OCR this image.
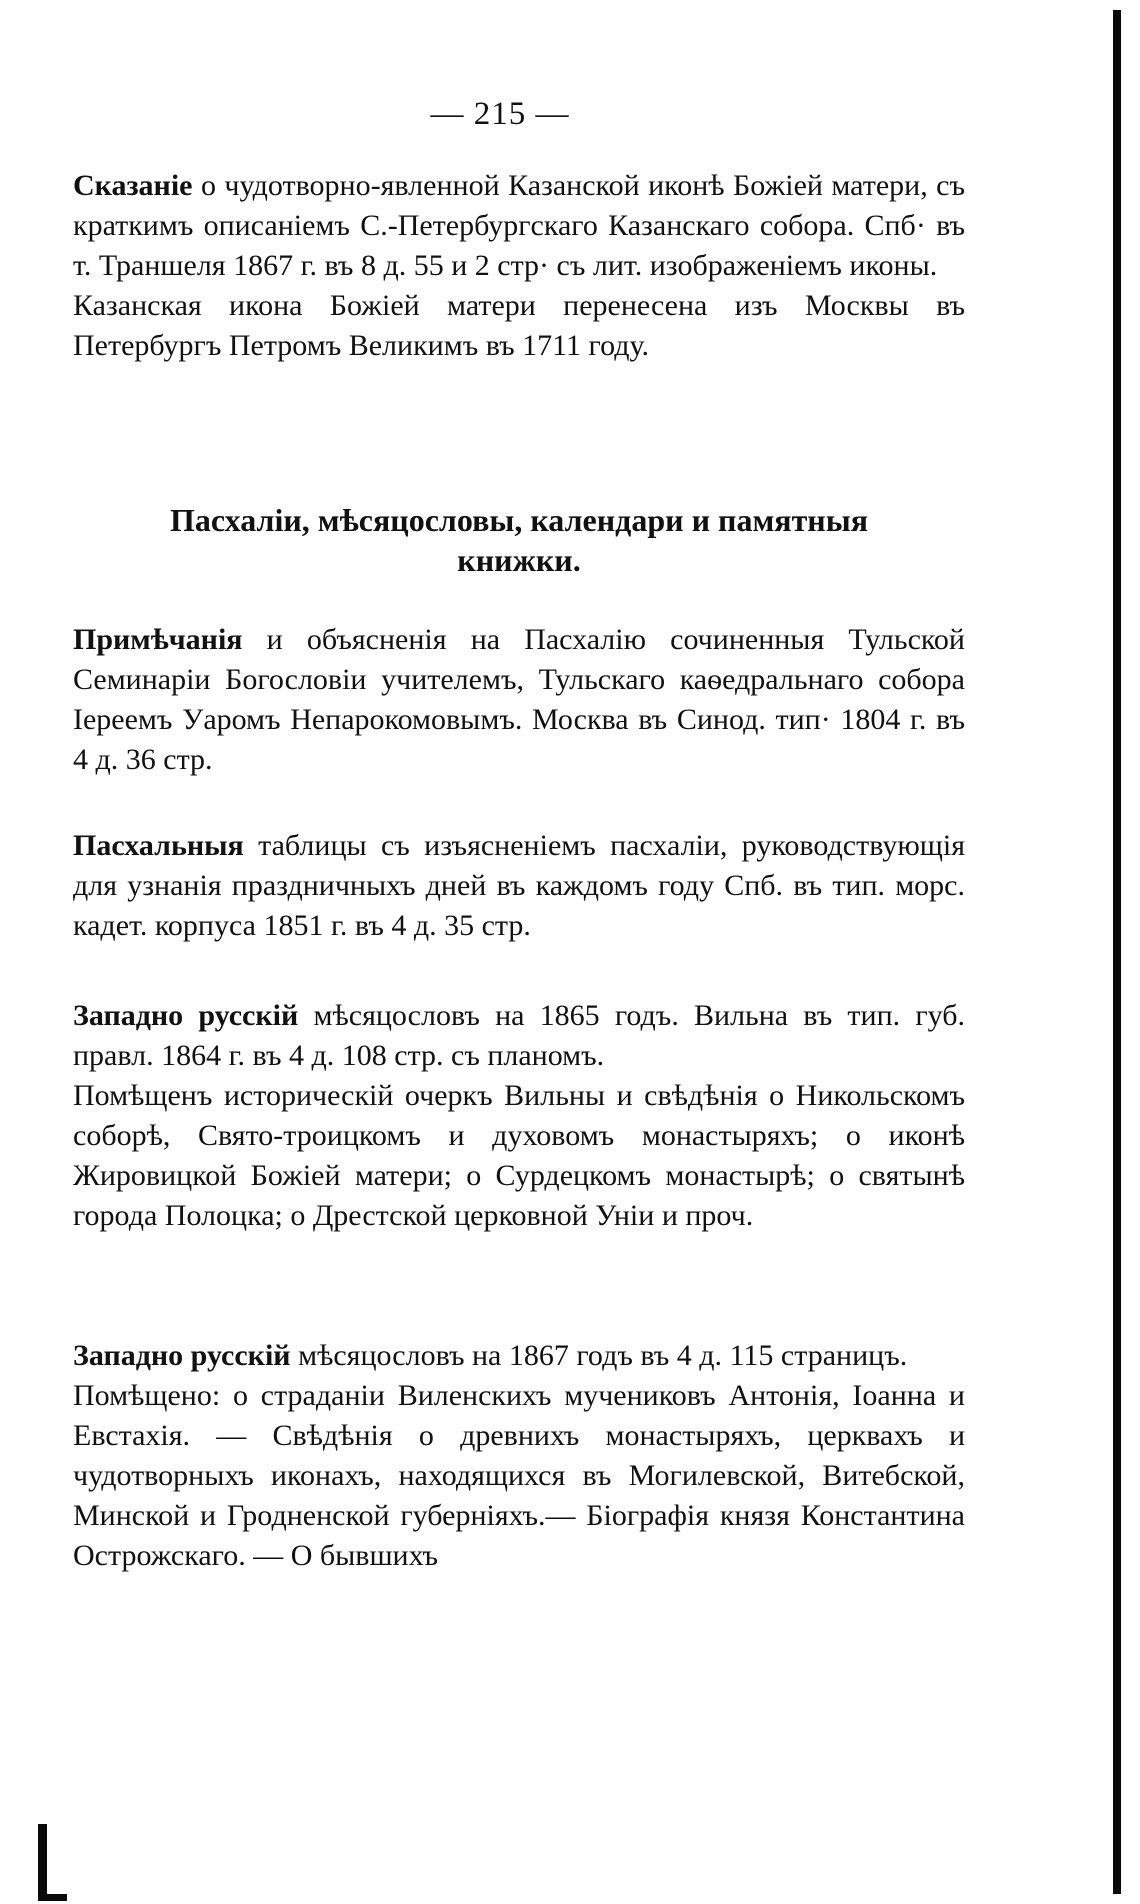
— 215 —

Сказаніе о чудотворно-явленной Казанской иконѣ Божіей матери, съ краткимъ описаніемъ С.-Петербургскаго Казанскаго собора. Спб· въ т. Траншеля 1867 г. въ 8 д. 55 и 2 стр· съ лит. изображеніемъ иконы.

Казанская икона Божіей матери перенесена изъ Москвы въ Петербургъ Петромъ Великимъ въ 1711 году.

Пасхаліи, мѣсяцословы, календари и памятныя
книжки.

Примѣчанія и объясненія на Пасхалію сочиненныя Тульской Семинаріи Богословіи учителемъ, Тульскаго каѳедральнаго собора Іереемъ Уаромъ Непарокомовымъ. Москва въ Синод. тип· 1804 г. въ 4 д. 36 стр.

Пасхальныя таблицы съ изъясненіемъ пасхаліи, руководствующія для узнанія праздничныхъ дней въ каждомъ году Спб. въ тип. морс. кадет. корпуса 1851 г. въ 4 д. 35 стр.

Западно русскій мѣсяцословъ на 1865 годъ. Вильна въ тип. губ. правл. 1864 г. въ 4 д. 108 стр. съ планомъ.

Помѣщенъ историческій очеркъ Вильны и свѣдѣнія о Никольскомъ соборѣ, Свято-троицкомъ и духовомъ монастыряхъ; о иконѣ Жировицкой Божіей матери; о Сурдецкомъ монастырѣ; о святынѣ города Полоцка; о Дрестской церковной Уніи и проч.

Западно русскій мѣсяцословъ на 1867 годъ въ 4 д. 115 страницъ.

Помѣщено: о страданіи Виленскихъ мучениковъ Антонія, Іоанна и Евстахія. — Свѣдѣнія о древнихъ монастыряхъ, церквахъ и чудотворныхъ иконахъ, находящихся въ Могилевской, Витебской, Минской и Гродненской губерніяхъ.— Біографія князя Константина Острожскаго. — О бывшихъ
